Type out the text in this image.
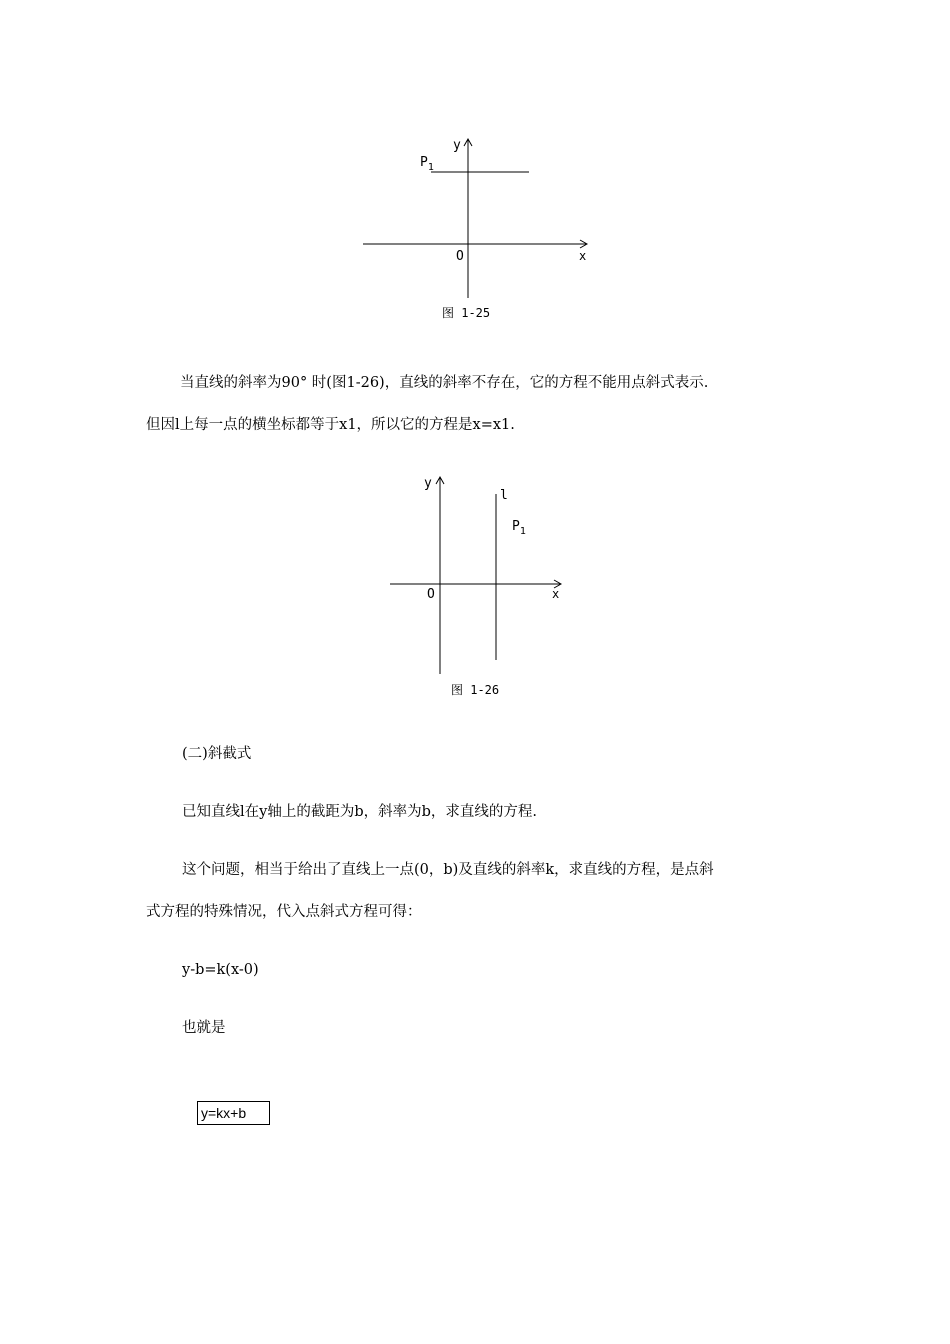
y
x
O
$P_1$
图 1-25
当直线的斜率为90° 时(图1-26)，直线的斜率不存在，它的方程不能用点斜式表示.
但因l上每一点的横坐标都等于x1，所以它的方程是x=x1.
y
x
O
l
$P_1$
图 1-26
(二)斜截式
已知直线l在y轴上的截距为b，斜率为b，求直线的方程.
这个问题，相当于给出了直线上一点(0，b)及直线的斜率k，求直线的方程，是点斜
式方程的特殊情况，代入点斜式方程可得：
y-b=k(x-0)
也就是
y=kx+b
